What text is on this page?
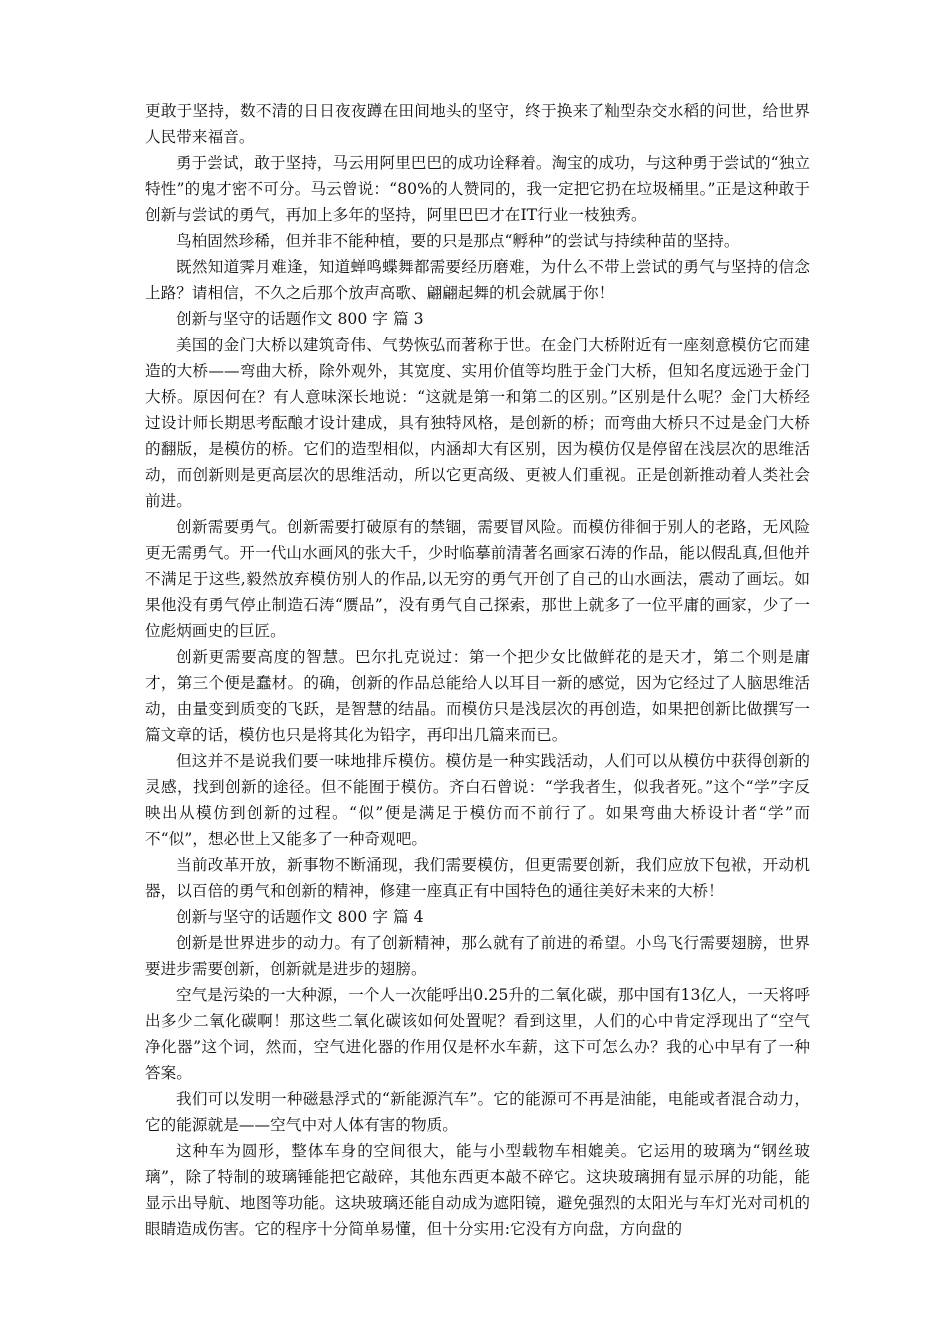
更敢于坚持，数不清的日日夜夜蹲在田间地头的坚守，终于换来了籼型杂交水稻的问世，给世界人民带来福音。

勇于尝试，敢于坚持，马云用阿里巴巴的成功诠释着。淘宝的成功，与这种勇于尝试的“独立特性”的鬼才密不可分。马云曾说：“80%的人赞同的，我一定把它扔在垃圾桶里。”正是这种敢于创新与尝试的勇气，再加上多年的坚持，阿里巴巴才在IT行业一枝独秀。

鸟柏固然珍稀，但并非不能种植，要的只是那点“孵种”的尝试与持续种苗的坚持。

既然知道霁月难逢，知道蝉鸣蝶舞都需要经历磨难，为什么不带上尝试的勇气与坚持的信念上路？请相信，不久之后那个放声高歌、翩翩起舞的机会就属于你！

创新与坚守的话题作文 800 字 篇 3

美国的金门大桥以建筑奇伟、气势恢弘而著称于世。在金门大桥附近有一座刻意模仿它而建造的大桥——弯曲大桥，除外观外，其宽度、实用价值等均胜于金门大桥，但知名度远逊于金门大桥。原因何在？有人意味深长地说：“这就是第一和第二的区别。”区别是什么呢？金门大桥经过设计师长期思考酝酿才设计建成，具有独特风格，是创新的桥；而弯曲大桥只不过是金门大桥的翻版，是模仿的桥。它们的造型相似，内涵却大有区别，因为模仿仅是停留在浅层次的思维活动，而创新则是更高层次的思维活动，所以它更高级、更被人们重视。正是创新推动着人类社会前进。

创新需要勇气。创新需要打破原有的禁锢，需要冒风险。而模仿徘徊于别人的老路，无风险更无需勇气。开一代山水画风的张大千，少时临摹前清著名画家石涛的作品，能以假乱真,但他并不满足于这些,毅然放弃模仿别人的作品,以无穷的勇气开创了自己的山水画法，震动了画坛。如果他没有勇气停止制造石涛“赝品”，没有勇气自己探索，那世上就多了一位平庸的画家，少了一位彪炳画史的巨匠。

创新更需要高度的智慧。巴尔扎克说过：第一个把少女比做鲜花的是天才，第二个则是庸才，第三个便是蠢材。的确，创新的作品总能给人以耳目一新的感觉，因为它经过了人脑思维活动，由量变到质变的飞跃，是智慧的结晶。而模仿只是浅层次的再创造，如果把创新比做撰写一篇文章的话，模仿也只是将其化为铅字，再印出几篇来而已。

但这并不是说我们要一味地排斥模仿。模仿是一种实践活动，人们可以从模仿中获得创新的灵感，找到创新的途径。但不能囿于模仿。齐白石曾说：“学我者生，似我者死。”这个“学”字反映出从模仿到创新的过程。“似”便是满足于模仿而不前行了。如果弯曲大桥设计者“学”而不“似”，想必世上又能多了一种奇观吧。

当前改革开放，新事物不断涌现，我们需要模仿，但更需要创新，我们应放下包袱，开动机器，以百倍的勇气和创新的精神，修建一座真正有中国特色的通往美好未来的大桥！

创新与坚守的话题作文 800 字 篇 4

创新是世界进步的动力。有了创新精神，那么就有了前进的希望。小鸟飞行需要翅膀，世界要进步需要创新，创新就是进步的翅膀。

空气是污染的一大种源，一个人一次能呼出0.25升的二氧化碳，那中国有13亿人，一天将呼出多少二氧化碳啊！那这些二氧化碳该如何处置呢？看到这里，人们的心中肯定浮现出了“空气净化器”这个词，然而，空气进化器的作用仅是杯水车薪，这下可怎么办？我的心中早有了一种答案。

我们可以发明一种磁悬浮式的“新能源汽车”。它的能源可不再是油能，电能或者混合动力，它的能源就是——空气中对人体有害的物质。

这种车为圆形，整体车身的空间很大，能与小型载物车相媲美。它运用的玻璃为“钢丝玻璃”，除了特制的玻璃锤能把它敲碎，其他东西更本敲不碎它。这块玻璃拥有显示屏的功能，能显示出导航、地图等功能。这块玻璃还能自动成为遮阳镜，避免强烈的太阳光与车灯光对司机的眼睛造成伤害。它的程序十分简单易懂，但十分实用:它没有方向盘，方向盘的
